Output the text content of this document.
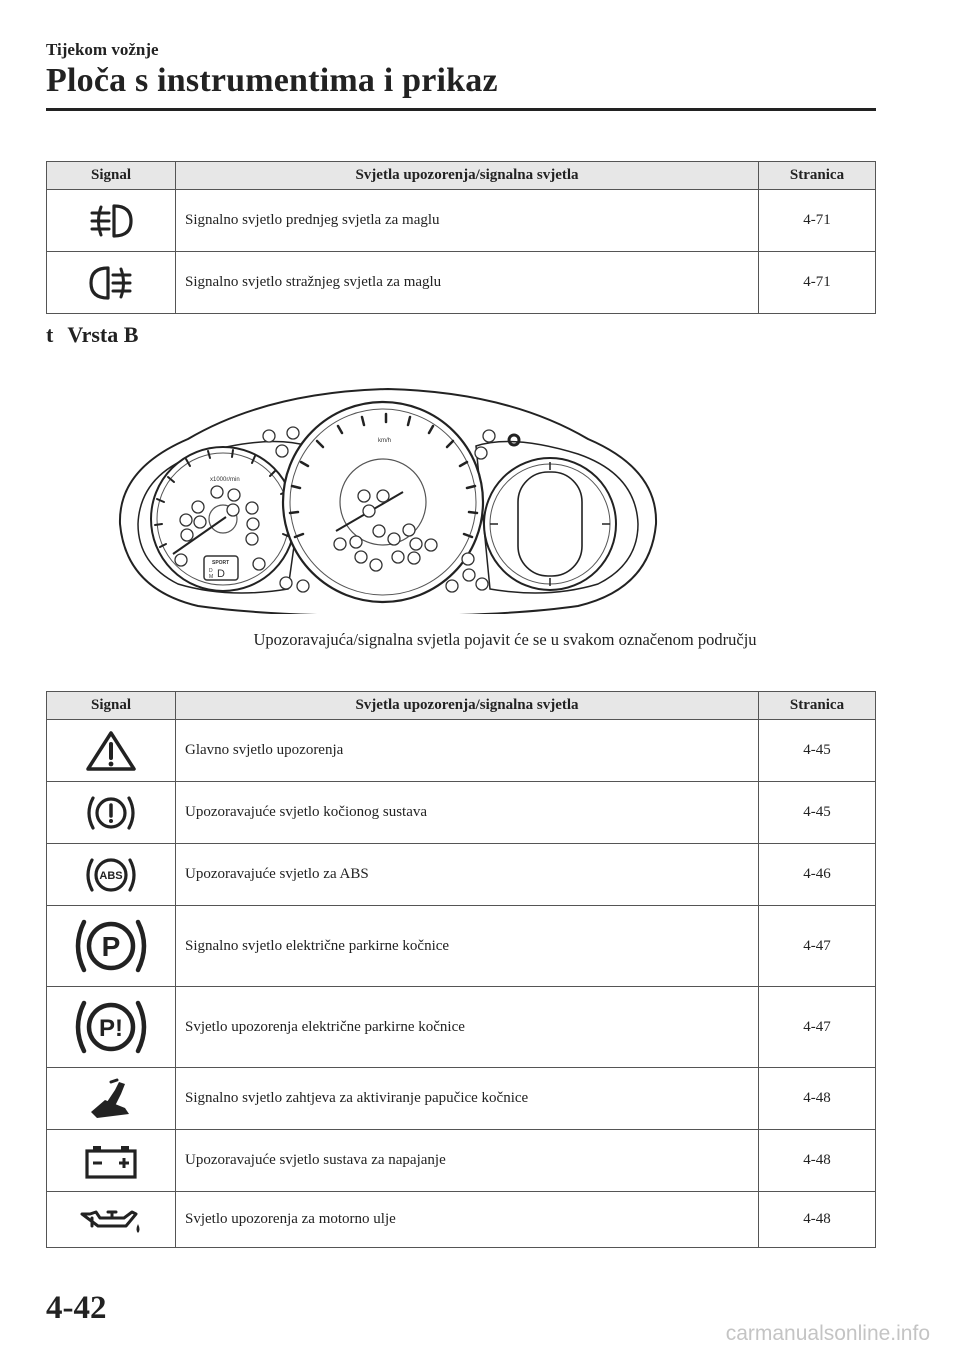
Tijekom vožnje
Ploča s instrumentima i prikaz
Signal	Svjetla upozorenja/signalna svjetla	Stranica

	Signalno svjetlo prednjeg svjetla za maglu	4-71

	Signalno svjetlo stražnjeg svjetla za maglu	4-71
t Vrsta B
x1000r/min
SPORT
D
M D
km/h
Upozoravajuća/signalna svjetla pojavit će se u svakom označenom području
Signal	Svjetla upozorenja/signalna svjetla	Stranica

	Glavno svjetlo upozorenja	4-45

	Upozoravajuće svjetlo kočionog sustava	4-45

ABS	Upozoravajuće svjetlo za ABS	4-46

P	Signalno svjetlo električne parkirne kočnice	4-47

P!	Svjetlo upozorenja električne parkirne kočnice	4-47

	Signalno svjetlo zahtjeva za aktiviranje papučice kočnice	4-48

	Upozoravajuće svjetlo sustava za napajanje	4-48

	Svjetlo upozorenja za motorno ulje	4-48
4-42
carmanualsonline.info
